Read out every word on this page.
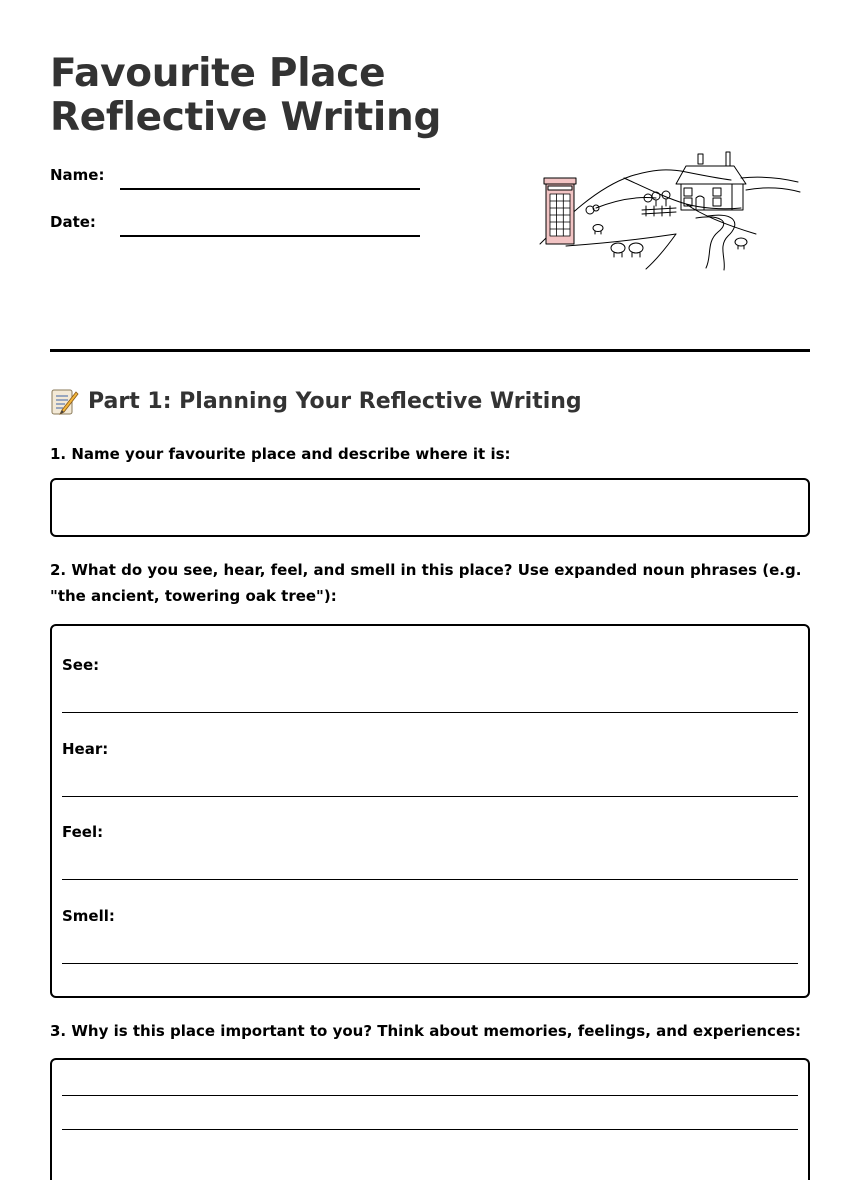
Favourite Place
Reflective Writing
Name:
Date:
Part 1: Planning Your Reflective Writing

1. Name your favourite place and describe where it is:

2. What do you see, hear, feel, and smell in this place? Use expanded noun phrases (e.g. "the ancient, towering oak tree"):

See:
Hear:
Feel:
Smell:

3. Why is this place important to you? Think about memories, feelings, and experiences:
